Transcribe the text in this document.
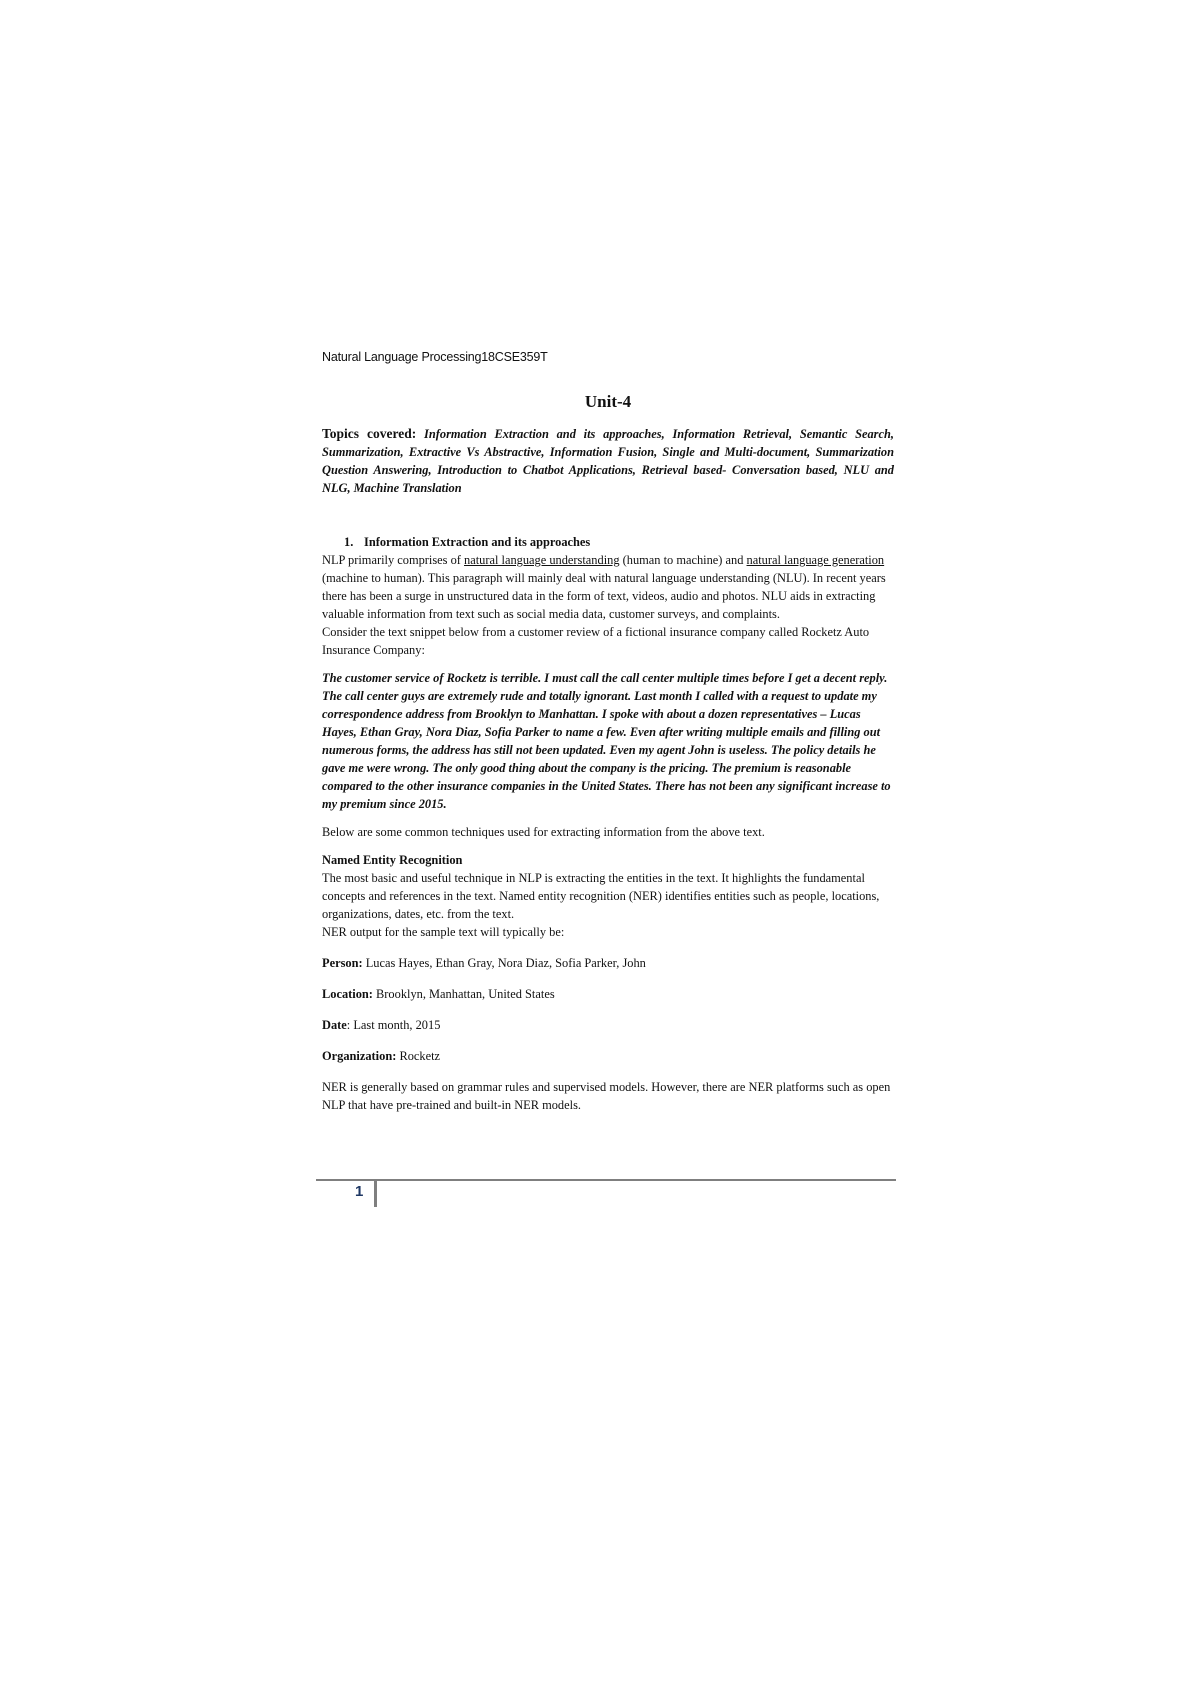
Natural Language Processing18CSE359T
Unit-4

Topics covered: Information Extraction and its approaches, Information Retrieval, Semantic Search, Summarization, Extractive Vs Abstractive, Information Fusion, Single and Multi-document, Summarization Question Answering, Introduction to Chatbot Applications, Retrieval based- Conversation based, NLU and NLG, Machine Translation

1. Information Extraction and its approaches

NLP primarily comprises of natural language understanding (human to machine) and natural language generation (machine to human). This paragraph will mainly deal with natural language understanding (NLU). In recent years there has been a surge in unstructured data in the form of text, videos, audio and photos. NLU aids in extracting valuable information from text such as social media data, customer surveys, and complaints.

Consider the text snippet below from a customer review of a fictional insurance company called Rocketz Auto Insurance Company:

The customer service of Rocketz is terrible. I must call the call center multiple times before I get a decent reply. The call center guys are extremely rude and totally ignorant. Last month I called with a request to update my correspondence address from Brooklyn to Manhattan. I spoke with about a dozen representatives – Lucas Hayes, Ethan Gray, Nora Diaz, Sofia Parker to name a few. Even after writing multiple emails and filling out numerous forms, the address has still not been updated. Even my agent John is useless. The policy details he gave me were wrong. The only good thing about the company is the pricing. The premium is reasonable compared to the other insurance companies in the United States. There has not been any significant increase to my premium since 2015.

Below are some common techniques used for extracting information from the above text.

Named Entity Recognition

The most basic and useful technique in NLP is extracting the entities in the text. It highlights the fundamental concepts and references in the text. Named entity recognition (NER) identifies entities such as people, locations, organizations, dates, etc. from the text.

NER output for the sample text will typically be:

Person: Lucas Hayes, Ethan Gray, Nora Diaz, Sofia Parker, John

Location: Brooklyn, Manhattan, United States

Date: Last month, 2015

Organization: Rocketz

NER is generally based on grammar rules and supervised models. However, there are NER platforms such as open NLP that have pre-trained and built-in NER models.

1
